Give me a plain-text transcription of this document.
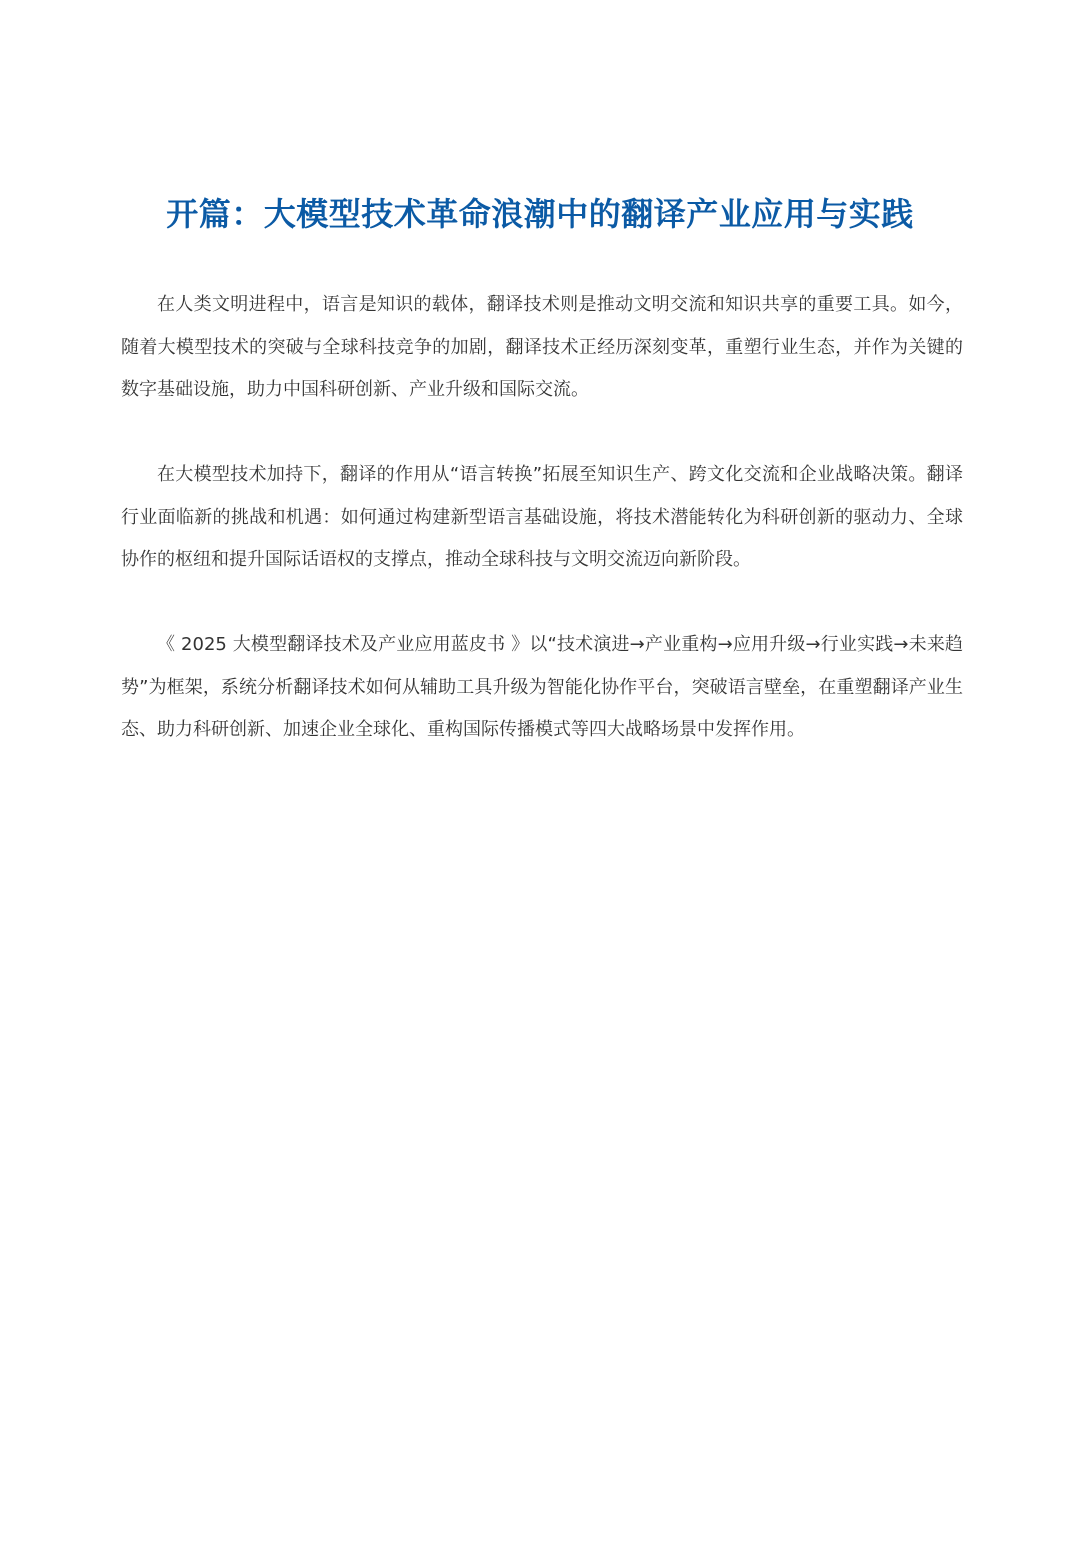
开篇：大模型技术革命浪潮中的翻译产业应用与实践

在人类文明进程中，语言是知识的载体，翻译技术则是推动文明交流和知识共享的重要工具。如今，随着大模型技术的突破与全球科技竞争的加剧，翻译技术正经历深刻变革，重塑行业生态，并作为关键的数字基础设施，助力中国科研创新、产业升级和国际交流。

在大模型技术加持下，翻译的作用从“语言转换”拓展至知识生产、跨文化交流和企业战略决策。翻译行业面临新的挑战和机遇：如何通过构建新型语言基础设施，将技术潜能转化为科研创新的驱动力、全球协作的枢纽和提升国际话语权的支撑点，推动全球科技与文明交流迈向新阶段。

《 2025 大模型翻译技术及产业应用蓝皮书 》以“技术演进→产业重构→应用升级→行业实践→未来趋势”为框架，系统分析翻译技术如何从辅助工具升级为智能化协作平台，突破语言壁垒，在重塑翻译产业生态、助力科研创新、加速企业全球化、重构国际传播模式等四大战略场景中发挥作用。
